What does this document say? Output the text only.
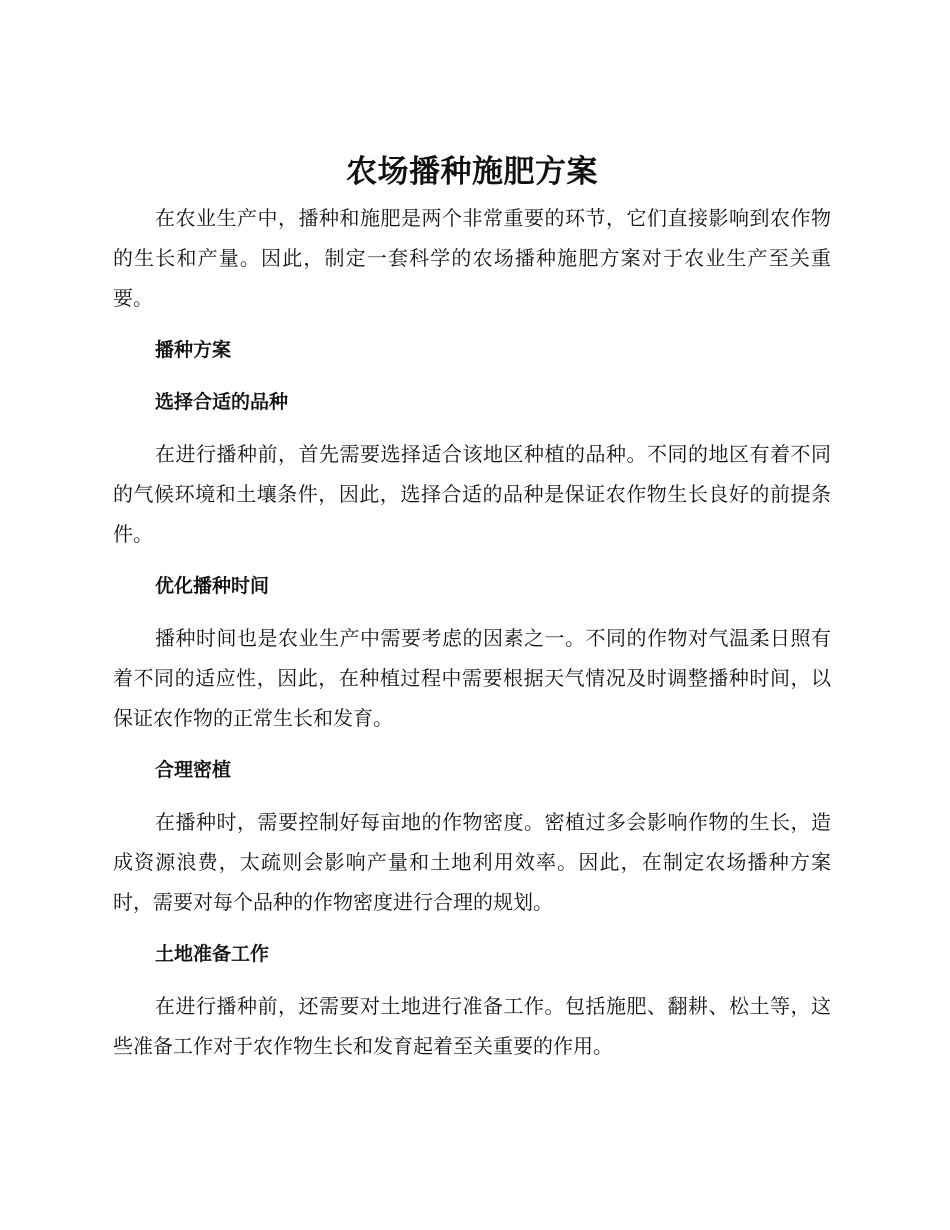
农场播种施肥方案

在农业生产中，播种和施肥是两个非常重要的环节，它们直接影响到农作物的生长和产量。因此，制定一套科学的农场播种施肥方案对于农业生产至关重要。

播种方案
选择合适的品种

在进行播种前，首先需要选择适合该地区种植的品种。不同的地区有着不同的气候环境和土壤条件，因此，选择合适的品种是保证农作物生长良好的前提条件。

优化播种时间

播种时间也是农业生产中需要考虑的因素之一。不同的作物对气温柔日照有着不同的适应性，因此，在种植过程中需要根据天气情况及时调整播种时间，以保证农作物的正常生长和发育。

合理密植

在播种时，需要控制好每亩地的作物密度。密植过多会影响作物的生长，造成资源浪费，太疏则会影响产量和土地利用效率。因此，在制定农场播种方案时，需要对每个品种的作物密度进行合理的规划。

土地准备工作

在进行播种前，还需要对土地进行准备工作。包括施肥、翻耕、松土等，这些准备工作对于农作物生长和发育起着至关重要的作用。
